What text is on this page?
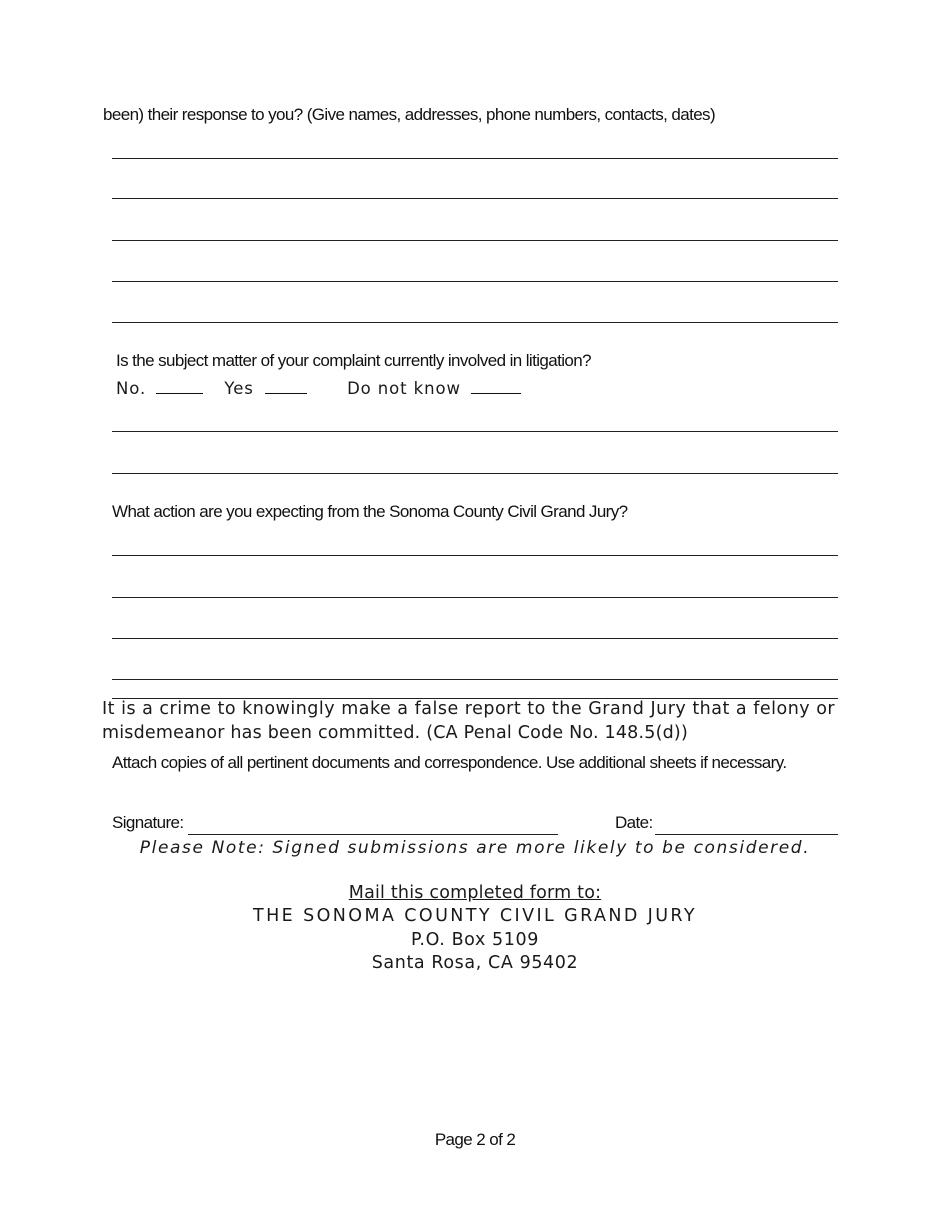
been) their response to you? (Give names, addresses, phone numbers, contacts, dates)
Is the subject matter of your complaint currently involved in litigation?
No.	Yes	Do not know
What action are you expecting from the Sonoma County Civil Grand Jury?
It is a crime to knowingly make a false report to the Grand Jury that a felony or
misdemeanor has been committed. (CA Penal Code No. 148.5(d))
Attach copies of all pertinent documents and correspondence. Use additional sheets if necessary.
Signature:	Date:
Please Note: Signed submissions are more likely to be considered.
Mail this completed form to:
THE SONOMA COUNTY CIVIL GRAND JURY
P.O. Box 5109
Santa Rosa, CA 95402
Page 2 of 2
